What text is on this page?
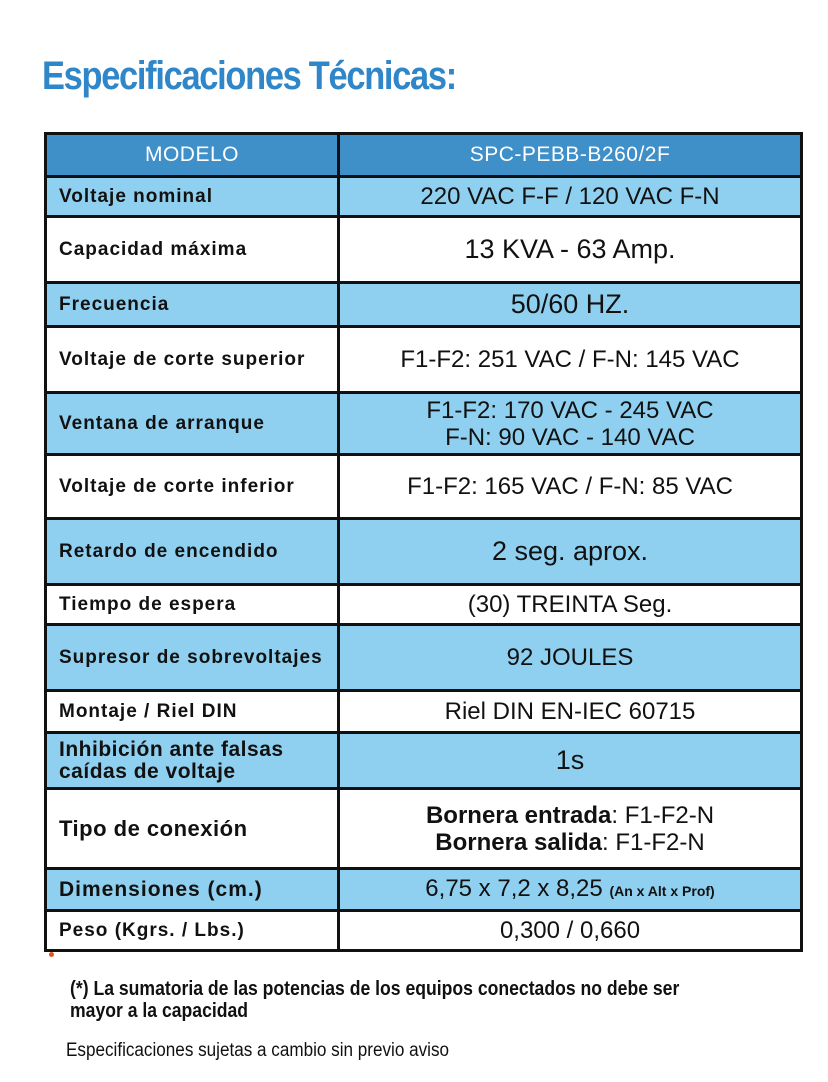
Especificaciones Técnicas:
MODELO	SPC-PEBB-B260/2F
Voltaje nominal	220 VAC F-F / 120 VAC F-N
Capacidad máxima	13 KVA - 63 Amp.
Frecuencia	50/60 HZ.
Voltaje de corte superior	F1-F2: 251 VAC / F-N: 145 VAC
Ventana de arranque	F1-F2: 170 VAC - 245 VAC
F-N: 90 VAC - 140 VAC

Voltaje de corte inferior	F1-F2: 165 VAC / F-N: 85 VAC
Retardo de encendido	2 seg. aprox.
Tiempo de espera	(30) TREINTA Seg.
Supresor de sobrevoltajes	92 JOULES
Montaje / Riel DIN	Riel DIN EN-IEC 60715
Inhibición ante falsas caídas de voltaje	1s
Tipo de conexión	Bornera entrada: F1-F2-N
Bornera salida: F1-F2-N

Dimensiones (cm.)	6,75 x 7,2 x 8,25 (An x Alt x Prof)
Peso (Kgrs. / Lbs.)	0,300 / 0,660
(*) La sumatoria de las potencias de los equipos conectados no debe ser mayor a la capacidad
Especificaciones sujetas a cambio sin previo aviso
